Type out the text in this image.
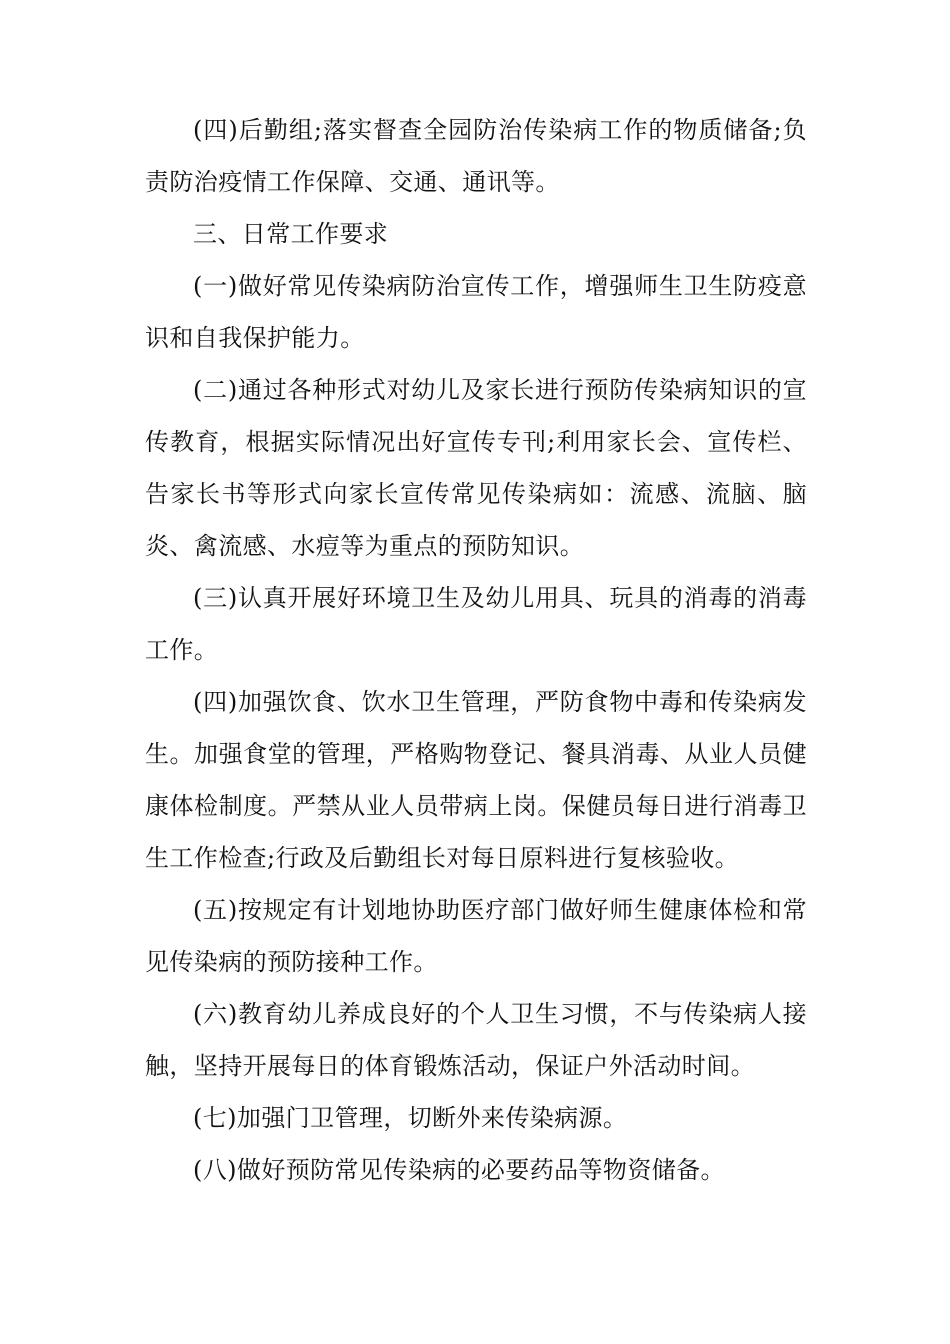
(四)后勤组;落实督查全园防治传染病工作的物质储备;负责防治疫情工作保障、交通、通讯等。

三、日常工作要求

(一)做好常见传染病防治宣传工作，增强师生卫生防疫意识和自我保护能力。

(二)通过各种形式对幼儿及家长进行预防传染病知识的宣传教育，根据实际情况出好宣传专刊;利用家长会、宣传栏、告家长书等形式向家长宣传常见传染病如：流感、流脑、脑炎、禽流感、水痘等为重点的预防知识。

(三)认真开展好环境卫生及幼儿用具、玩具的消毒的消毒工作。

(四)加强饮食、饮水卫生管理，严防食物中毒和传染病发生。加强食堂的管理，严格购物登记、餐具消毒、从业人员健康体检制度。严禁从业人员带病上岗。保健员每日进行消毒卫生工作检查;行政及后勤组长对每日原料进行复核验收。

(五)按规定有计划地协助医疗部门做好师生健康体检和常见传染病的预防接种工作。

(六)教育幼儿养成良好的个人卫生习惯，不与传染病人接触，坚持开展每日的体育锻炼活动，保证户外活动时间。

(七)加强门卫管理，切断外来传染病源。

(八)做好预防常见传染病的必要药品等物资储备。
